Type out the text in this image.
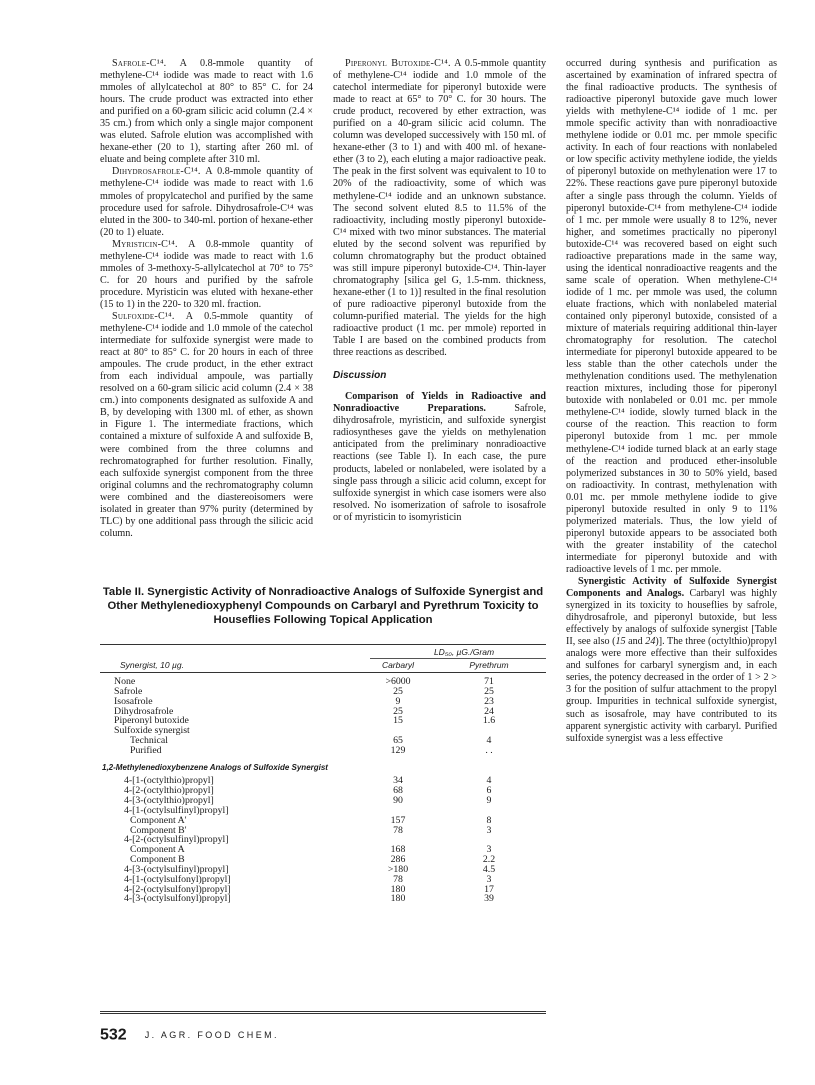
Safrole-C¹⁴. A 0.8-mmole quantity of methylene-C¹⁴ iodide was made to react with 1.6 mmoles of allylcatechol at 80° to 85° C. for 24 hours. The crude product was extracted into ether and purified on a 60-gram silicic acid column (2.4 × 35 cm.) from which only a single major component was eluted. Safrole elution was accomplished with hexane-ether (20 to 1), starting after 260 ml. of eluate and being complete after 310 ml.

Dihydrosafrole-C¹⁴. A 0.8-mmole quantity of methylene-C¹⁴ iodide was made to react with 1.6 mmoles of propylcatechol and purified by the same procedure used for safrole. Dihydrosafrole-C¹⁴ was eluted in the 300- to 340-ml. portion of hexane-ether (20 to 1) eluate.

Myristicin-C¹⁴. A 0.8-mmole quantity of methylene-C¹⁴ iodide was made to react with 1.6 mmoles of 3-methoxy-5-allylcatechol at 70° to 75° C. for 20 hours and purified by the safrole procedure. Myristicin was eluted with hexane-ether (15 to 1) in the 220- to 320 ml. fraction.

Sulfoxide-C¹⁴. A 0.5-mmole quantity of methylene-C¹⁴ iodide and 1.0 mmole of the catechol intermediate for sulfoxide synergist were made to react at 80° to 85° C. for 20 hours in each of three ampoules. The crude product, in the ether extract from each individual ampoule, was partially resolved on a 60-gram silicic acid column (2.4 × 38 cm.) into components designated as sulfoxide A and B, by developing with 1300 ml. of ether, as shown in Figure 1. The intermediate fractions, which contained a mixture of sulfoxide A and sulfoxide B, were combined from the three columns and rechromatographed for further resolution. Finally, each sulfoxide synergist component from the three original columns and the rechromatography column were combined and the diastereoisomers were isolated in greater than 97% purity (determined by TLC) by one additional pass through the silicic acid column.

Piperonyl Butoxide-C¹⁴. A 0.5-mmole quantity of methylene-C¹⁴ iodide and 1.0 mmole of the catechol intermediate for piperonyl butoxide were made to react at 65° to 70° C. for 30 hours. The crude product, recovered by ether extraction, was purified on a 40-gram silicic acid column. The column was developed successively with 150 ml. of hexane-ether (3 to 1) and with 400 ml. of hexane-ether (3 to 2), each eluting a major radioactive peak. The peak in the first solvent was equivalent to 10 to 20% of the radioactivity, some of which was methylene-C¹⁴ iodide and an unknown substance. The second solvent eluted 8.5 to 11.5% of the radioactivity, including mostly piperonyl butoxide-C¹⁴ mixed with two minor substances. The material eluted by the second solvent was repurified by column chromatography but the product obtained was still impure piperonyl butoxide-C¹⁴. Thin-layer chromatography [silica gel G, 1.5-mm. thickness, hexane-ether (1 to 1)] resulted in the final resolution of pure radioactive piperonyl butoxide from the column-purified material. The yields for the high radioactive product (1 mc. per mmole) reported in Table I are based on the combined products from three reactions as described.

Discussion

Comparison of Yields in Radioactive and Nonradioactive Preparations.	Safrole, dihydrosafrole, myristicin, and sulfoxide synergist radiosyntheses gave the yields on methylenation anticipated from the preliminary nonradioactive reactions (see Table I). In each case, the pure products, labeled or nonlabeled, were isolated by a single pass through a silicic acid column, except for sulfoxide synergist in which case isomers were also resolved. No isomerization of safrole to isosafrole or of myristicin to isomyristicin

occurred during synthesis and purification as ascertained by examination of infrared spectra of the final radioactive products. The synthesis of radioactive piperonyl butoxide gave much lower yields with methylene-C¹⁴ iodide of 1 mc. per mmole specific activity than with nonradioactive methylene iodide or 0.01 mc. per mmole specific activity. In each of four reactions with nonlabeled or low specific activity methylene iodide, the yields of piperonyl butoxide on methylenation were 17 to 22%. These reactions gave pure piperonyl butoxide after a single pass through the column. Yields of piperonyl butoxide-C¹⁴ from methylene-C¹⁴ iodide of 1 mc. per mmole were usually 8 to 12%, never higher, and sometimes practically no piperonyl butoxide-C¹⁴ was recovered based on eight such radioactive preparations made in the same way, using the identical nonradioactive reagents and the same scale of operation. When methylene-C¹⁴ iodide of 1 mc. per mmole was used, the column eluate fractions, which with nonlabeled material contained only piperonyl butoxide, consisted of a mixture of materials requiring additional thin-layer chromatography for resolution. The catechol intermediate for piperonyl butoxide appeared to be less stable than the other catechols under the methylenation conditions used. The methylenation reaction mixtures, including those for piperonyl butoxide with nonlabeled or 0.01 mc. per mmole methylene-C¹⁴ iodide, slowly turned black in the course of the reaction. This reaction to form piperonyl butoxide from 1 mc. per mmole methylene-C¹⁴ iodide turned black at an early stage of the reaction and produced ether-insoluble polymerized substances in 30 to 50% yield, based on radioactivity. In contrast, methylenation with 0.01 mc. per mmole methylene iodide to give piperonyl butoxide resulted in only 9 to 11% polymerized materials. Thus, the low yield of piperonyl butoxide appears to be associated both with the greater instability of the catechol intermediate for piperonyl butoxide and with radioactive levels of 1 mc. per mmole.

Synergistic Activity of Sulfoxide Synergist Components and Analogs. Carbaryl was highly synergized in its toxicity to houseflies by safrole, dihydrosafrole, and piperonyl butoxide, but less effectively by analogs of sulfoxide synergist [Table II, see also (15 and 24)]. The three (octylthio)propyl analogs were more effective than their sulfoxides and sulfones for carbaryl synergism and, in each series, the potency decreased in the order of 1 > 2 > 3 for the position of sulfur attachment to the propyl group. Impurities in technical sulfoxide synergist, such as isosafrole, may have contributed to its apparent synergistic activity with carbaryl. Purified sulfoxide synergist was a less effective

Table II. Synergistic Activity of Nonradioactive Analogs of Sulfoxide Synergist and Other Methylenedioxyphenyl Compounds on Carbaryl and Pyrethrum Toxicity to Houseflies Following Topical Application

LD₅₀, µG./Gram
Synergist, 10 µg.	Carbaryl	Pyrethrum
None	>6000	71
Safrole	25	25
Isosafrole	9	23
Dihydrosafrole	25	24
Piperonyl butoxide	15	1.6
Sulfoxide synergist
Technical	65	4
Purified	129	. .
1,2-Methylenedioxybenzene Analogs of Sulfoxide Synergist
4-[1-(octylthio)propyl]	34	4
4-[2-(octylthio)propyl]	68	6
4-[3-(octylthio)propyl]	90	9
4-[1-(octylsulfinyl)propyl]
Component A'	157	8
Component B'	78	3
4-[2-(octylsulfinyl)propyl]
Component A	168	3
Component B	286	2.2
4-[3-(octylsulfinyl)propyl]	>180	4.5
4-[1-(octylsulfonyl)propyl]	78	3
4-[2-(octylsulfonyl)propyl]	180	17
4-[3-(octylsulfonyl)propyl]	180	39
532 J. AGR. FOOD CHEM.
